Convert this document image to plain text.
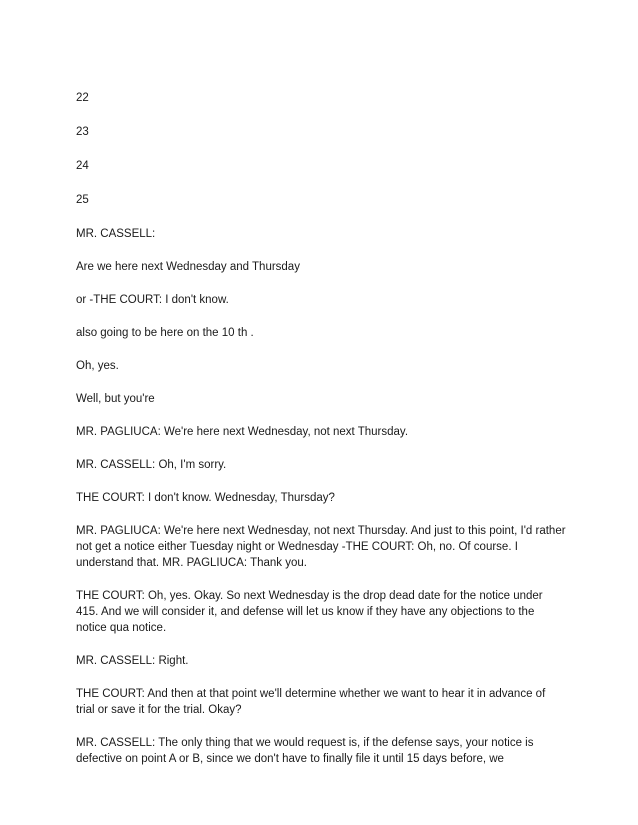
22

23

24

25

MR. CASSELL:

Are we here next Wednesday and Thursday

or -THE COURT: I don't know.

also going to be here on the 10 th .

Oh, yes.

Well, but you're

MR. PAGLIUCA: We're here next Wednesday, not next Thursday.

MR. CASSELL: Oh, I'm sorry.

THE COURT: I don't know. Wednesday, Thursday?

MR. PAGLIUCA: We're here next Wednesday, not next Thursday. And just to this point, I'd rather not get a notice either Tuesday night or Wednesday -THE COURT: Oh, no. Of course. I understand that. MR. PAGLIUCA: Thank you.

THE COURT: Oh, yes. Okay. So next Wednesday is the drop dead date for the notice under 415. And we will consider it, and defense will let us know if they have any objections to the notice qua notice.

MR. CASSELL: Right.

THE COURT: And then at that point we'll determine whether we want to hear it in advance of trial or save it for the trial. Okay?

MR. CASSELL: The only thing that we would request is, if the defense says, your notice is defective on point A or B, since we don't have to finally file it until 15 days before, we
